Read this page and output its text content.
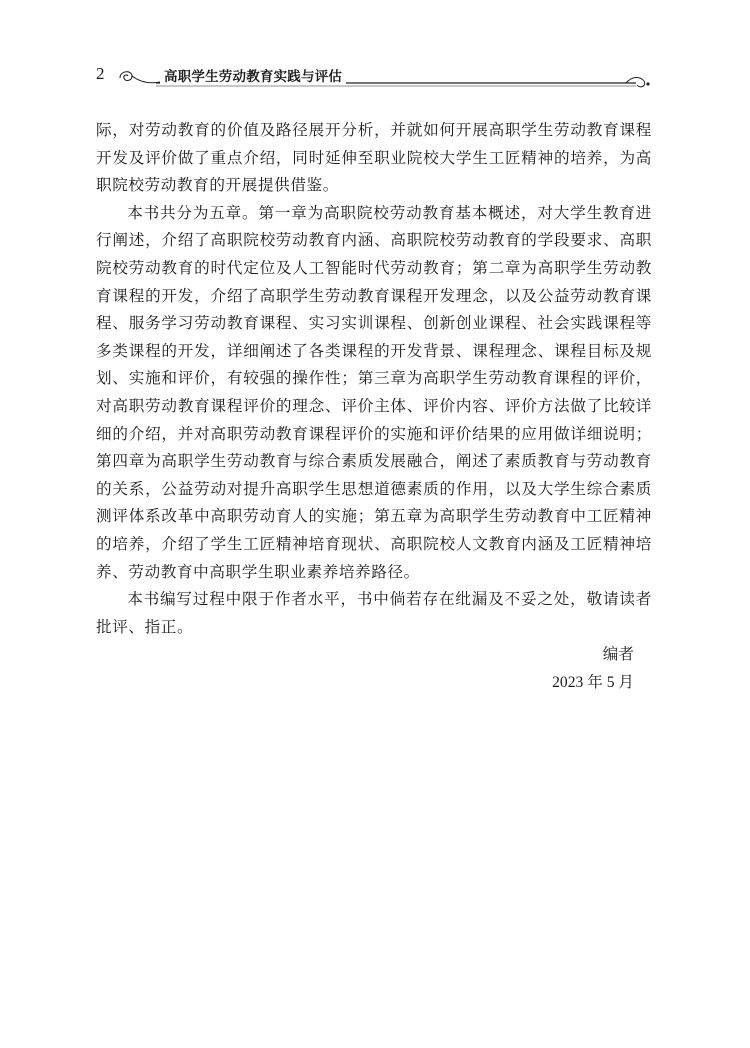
2	高职学生劳动教育实践与评估

际，对劳动教育的价值及路径展开分析，并就如何开展高职学生劳动教育课程开发及评价做了重点介绍，同时延伸至职业院校大学生工匠精神的培养，为高职院校劳动教育的开展提供借鉴。

本书共分为五章。第一章为高职院校劳动教育基本概述，对大学生教育进行阐述，介绍了高职院校劳动教育内涵、高职院校劳动教育的学段要求、高职院校劳动教育的时代定位及人工智能时代劳动教育；第二章为高职学生劳动教育课程的开发，介绍了高职学生劳动教育课程开发理念，以及公益劳动教育课程、服务学习劳动教育课程、实习实训课程、创新创业课程、社会实践课程等多类课程的开发，详细阐述了各类课程的开发背景、课程理念、课程目标及规划、实施和评价，有较强的操作性；第三章为高职学生劳动教育课程的评价，对高职劳动教育课程评价的理念、评价主体、评价内容、评价方法做了比较详细的介绍，并对高职劳动教育课程评价的实施和评价结果的应用做详细说明；第四章为高职学生劳动教育与综合素质发展融合，阐述了素质教育与劳动教育的关系，公益劳动对提升高职学生思想道德素质的作用，以及大学生综合素质测评体系改革中高职劳动育人的实施；第五章为高职学生劳动教育中工匠精神的培养，介绍了学生工匠精神培育现状、高职院校人文教育内涵及工匠精神培养、劳动教育中高职学生职业素养培养路径。

本书编写过程中限于作者水平，书中倘若存在纰漏及不妥之处，敬请读者批评、指正。

编者
2023 年 5 月
